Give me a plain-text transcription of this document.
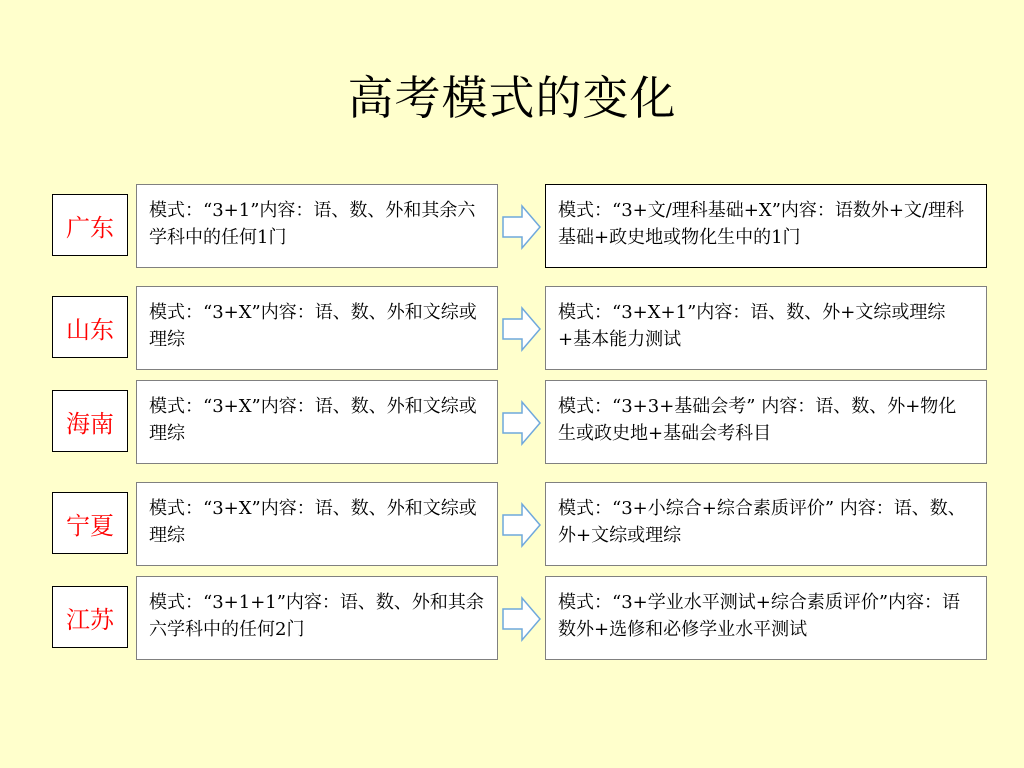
高考模式的变化
广东
模式：“3+1”内容：语、数、外和其余六学科中的任何1门
模式：“3+文/理科基础+X”内容：语数外+文/理科基础+政史地或物化生中的1门
山东
模式：“3+X”内容：语、数、外和文综或理综
模式：“3+X+1”内容：语、数、外+文综或理综+基本能力测试
海南
模式：“3+X”内容：语、数、外和文综或理综
模式：“3+3+基础会考” 内容：语、数、外+物化生或政史地+基础会考科目
宁夏
模式：“3+X”内容：语、数、外和文综或理综
模式：“3+小综合+综合素质评价” 内容：语、数、外+文综或理综
江苏
模式：“3+1+1”内容：语、数、外和其余六学科中的任何2门
模式：“3+学业水平测试+综合素质评价”内容：语数外+选修和必修学业水平测试
